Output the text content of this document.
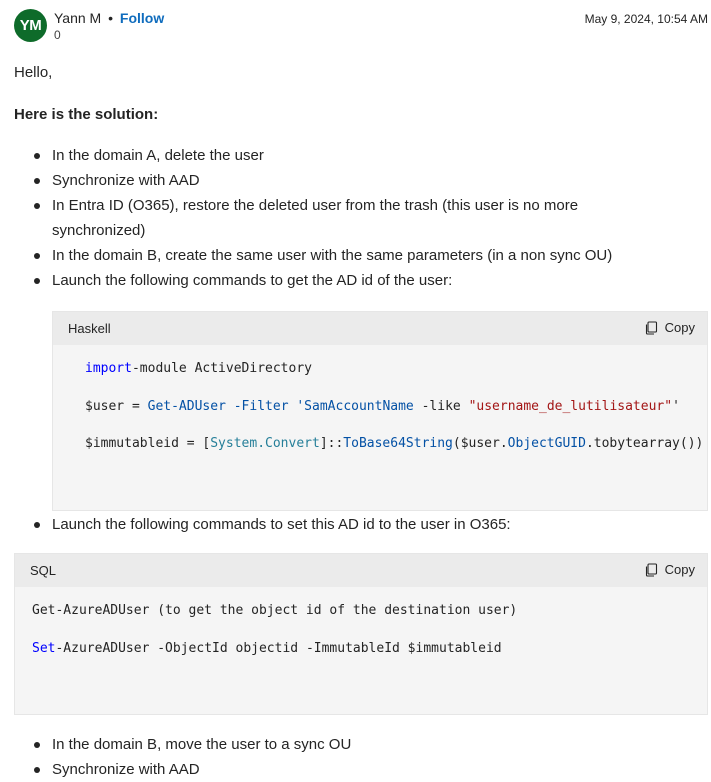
YM Yann M • Follow
0
May 9, 2024, 10:54 AM
Hello,
Here is the solution:
In the domain A, delete the user
Synchronize with AAD
In Entra ID (O365), restore the deleted user from the trash (this user is no more synchronized)
In the domain B, create the same user with the same parameters (in a non sync OU)
Launch the following commands to get the AD id of the user:
Haskell	Copy

import-module ActiveDirectory

$user = Get-ADUser -Filter 'SamAccountName -like "username_de_lutilisateur"'

$immutableid = [System.Convert]::ToBase64String($user.ObjectGUID.tobytearray())

Launch the following commands to set this AD id to the user in O365:
SQL	Copy

Get-AzureADUser (to get the object id of the destination user)

Set-AzureADUser -ObjectId objectid -ImmutableId $immutableid

In the domain B, move the user to a sync OU
Synchronize with AAD
